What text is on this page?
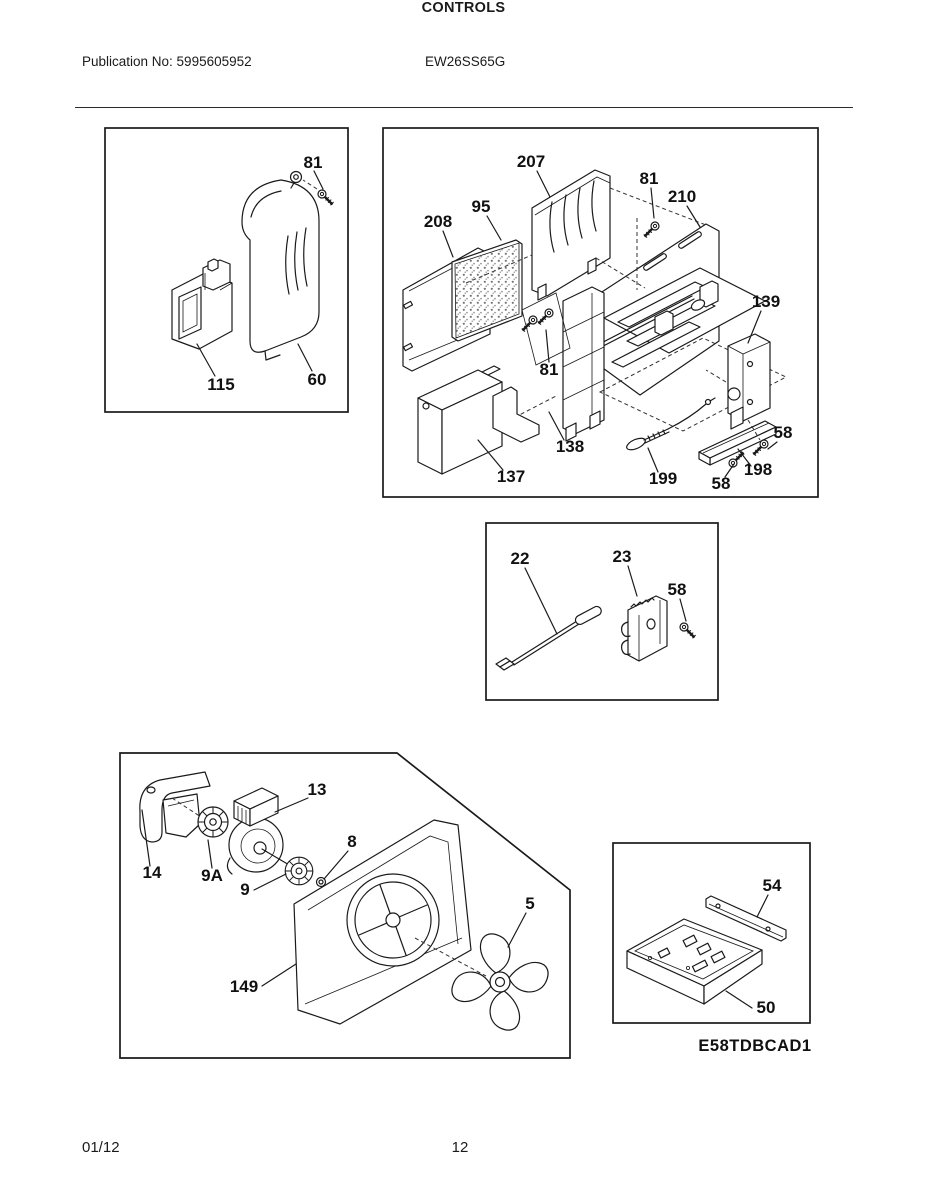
Publication No: 5995605952	EW26SS65G
CONTROLS
81
115	60
207
81
210
95
208
139
81
138
137	199
58
198
58
22	23
58
13
14 9A
9
8
5
149
54
50
E58TDBCAD1
01/12	12
